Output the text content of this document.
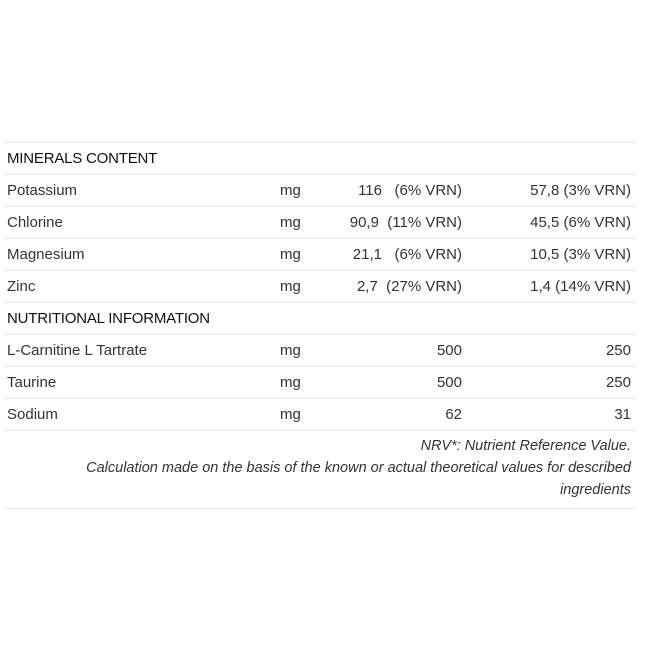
MINERALS CONTENT
Potassium	mg	116   (6% VRN)	57,8 (3% VRN)
Chlorine	mg	90,9  (11% VRN)	45,5 (6% VRN)
Magnesium	mg	21,1   (6% VRN)	10,5 (3% VRN)
Zinc	mg	2,7  (27% VRN)	1,4 (14% VRN)
NUTRITIONAL INFORMATION
L-Carnitine L Tartrate	mg	500	250
Taurine	mg	500	250
Sodium	mg	62	31
NRV*: Nutrient Reference Value.
Calculation made on the basis of the known or actual theoretical values for described
ingredients
